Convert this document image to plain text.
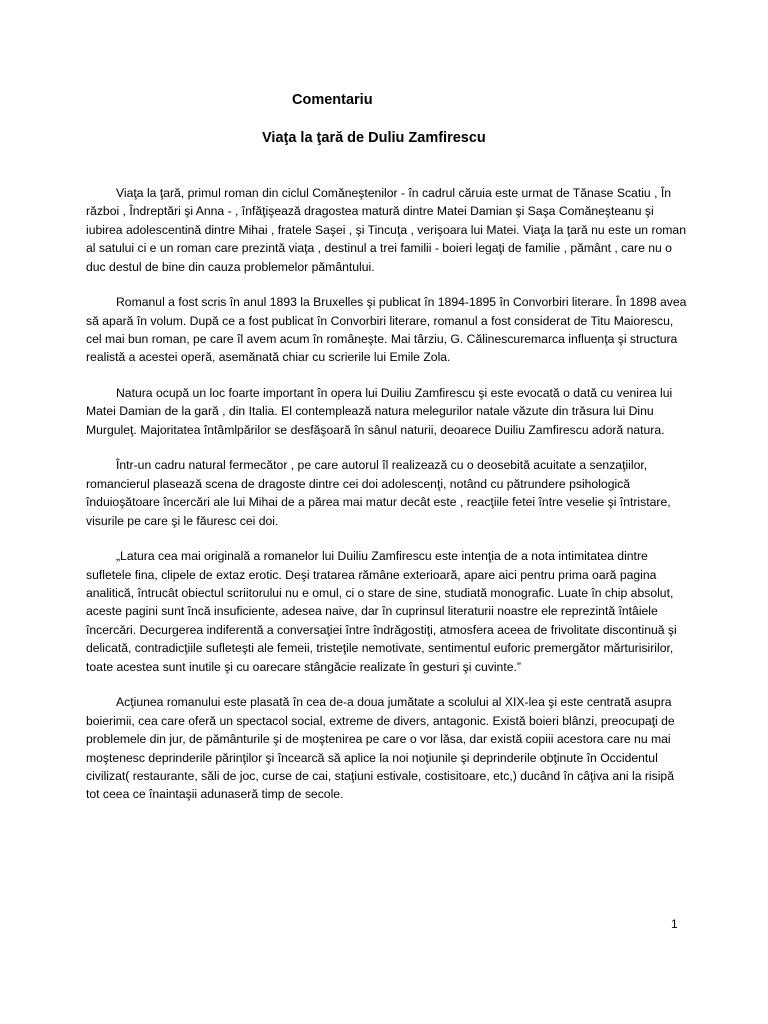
Comentariu
Viaţa la ţară de Duliu Zamfirescu

Viaţa la ţară, primul roman din ciclul Comăneştenilor - în cadrul căruia este urmat de Tănase Scatiu , În război , Îndreptări şi Anna - , înfăţişează dragostea matură dintre Matei Damian şi Saşa Comăneşteanu şi iubirea adolescentină dintre Mihai , fratele Saşei , şi Tincuţa , verişoara lui Matei. Viaţa la ţară nu este un roman al satului ci e un roman care prezintă viaţa , destinul a trei familii - boieri legaţi de familie , pământ , care nu o duc destul de bine din cauza problemelor pământului.

Romanul a fost scris în anul 1893 la Bruxelles şi publicat în 1894-1895 în Convorbiri literare. În 1898 avea să apară în volum. După ce a fost publicat în Convorbiri literare, romanul a fost considerat de Titu Maiorescu, cel mai bun roman, pe care îl avem acum în româneşte. Mai târziu, G. Călinescuremarca influenţa şi structura realistă a acestei operă, asemănată chiar cu scrierile lui Emile Zola.

Natura ocupă un loc foarte important în opera lui Duiliu Zamfirescu şi este evocată o dată cu venirea lui Matei Damian de la gară , din Italia. El contemplează natura melegurilor natale văzute din trăsura lui Dinu Murguleţ. Majoritatea întâmlpărilor se desfăşoară în sânul naturii, deoarece Duiliu Zamfirescu adoră natura.

Într-un cadru natural fermecător , pe care autorul îl realizează cu o deosebită acuitate a senzaţiilor, romancierul plasează scena de dragoste dintre cei doi adolescenţi, notând cu pătrundere psihologică înduioşătoare încercări ale lui Mihai de a părea mai matur decât este , reacţiile fetei între veselie şi întristare, visurile pe care şi le făuresc cei doi.

„Latura cea mai originală a romanelor lui Duiliu Zamfirescu este intenţia de a nota intimitatea dintre sufletele fina, clipele de extaz erotic. Deşi tratarea rămâne exterioară, apare aici pentru prima oară pagina analitică, întrucât obiectul scriitorului nu e omul, ci o stare de sine, studiată monografic. Luate în chip absolut, aceste pagini sunt încă insuficiente, adesea naive, dar în cuprinsul literaturii noastre ele reprezintă întâiele încercări. Decurgerea indiferentă a conversaţiei între îndrăgostiţi, atmosfera aceea de frivolitate discontinuă şi delicată, contradicţiile sufleteşti ale femeii, tristeţile nemotivate, sentimentul euforic premergător mărturisirilor, toate acestea sunt inutile şi cu oarecare stângăcie realizate în gesturi şi cuvinte.”

Acţiunea romanului este plasată în cea de-a doua jumătate a scolului al XIX-lea şi este centrată asupra boierimii, cea care oferă un spectacol social, extreme de divers, antagonic. Există boieri blânzi, preocupaţi de problemele din jur, de pământurile şi de moştenirea pe care o vor lăsa, dar există copiii acestora care nu mai moştenesc deprinderile părinţilor şi încearcă să aplice la noi noţiunile şi deprinderile obţinute în Occidentul civilizat( restaurante, săli de joc, curse de cai, staţiuni estivale, costisitoare, etc,) ducând în câţiva ani la risipă tot ceea ce înaintaşii adunaseră timp de secole.

1
